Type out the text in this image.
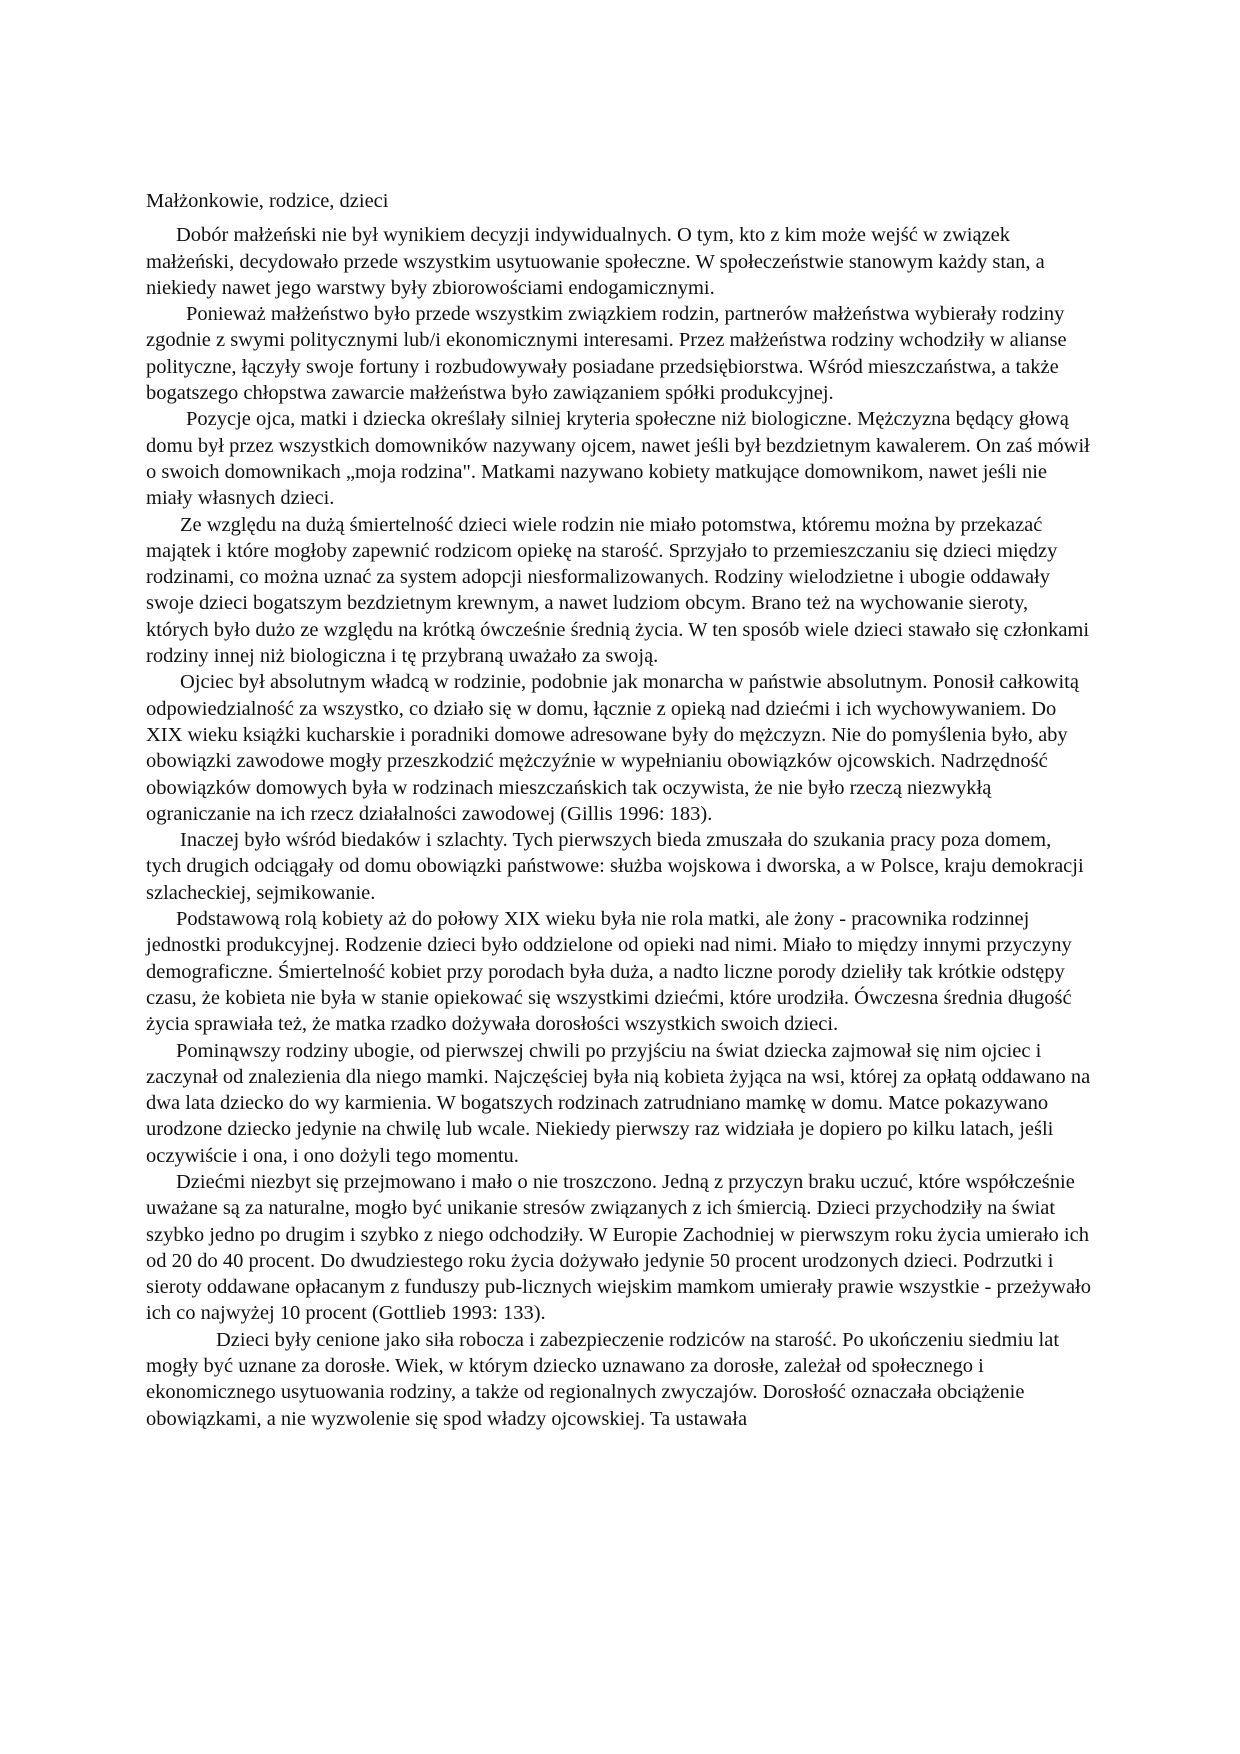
Małżonkowie, rodzice, dzieci

Dobór małżeński nie był wynikiem decyzji indywidualnych. O tym, kto z kim może wejść w związek małżeński, decydowało przede wszystkim usytuowanie społeczne. W społeczeństwie stanowym każdy stan, a niekiedy nawet jego warstwy były zbiorowościami endogamicznymi.

Ponieważ małżeństwo było przede wszystkim związkiem rodzin, partnerów małżeństwa wybierały rodziny zgodnie z swymi politycznymi lub/i ekonomicznymi interesami. Przez małżeństwa rodziny wchodziły w alianse polityczne, łączyły swoje fortuny i rozbudowywały posiadane przedsiębiorstwa. Wśród mieszczaństwa, a także bogatszego chłopstwa zawarcie małżeństwa było zawiązaniem spółki produkcyjnej.

Pozycje ojca, matki i dziecka określały silniej kryteria społeczne niż biologiczne. Mężczyzna będący głową domu był przez wszystkich domowników nazywany ojcem, nawet jeśli był bezdzietnym kawalerem. On zaś mówił o swoich domownikach „moja rodzina". Matkami nazywano kobiety matkujące domownikom, nawet jeśli nie miały własnych dzieci.

Ze względu na dużą śmiertelność dzieci wiele rodzin nie miało potomstwa, któremu można by przekazać majątek i które mogłoby zapewnić rodzicom opiekę na starość. Sprzyjało to przemieszczaniu się dzieci między rodzinami, co można uznać za system adopcji niesformalizowanych. Rodziny wielodzietne i ubogie oddawały swoje dzieci bogatszym bezdzietnym krewnym, a nawet ludziom obcym. Brano też na wychowanie sieroty, których było dużo ze względu na krótką ówcześnie średnią życia. W ten sposób wiele dzieci stawało się członkami rodziny innej niż biologiczna i tę przybraną uważało za swoją.

Ojciec był absolutnym władcą w rodzinie, podobnie jak monarcha w państwie absolutnym. Ponosił całkowitą odpowiedzialność za wszystko, co działo się w domu, łącznie z opieką nad dziećmi i ich wychowywaniem. Do XIX wieku książki kucharskie i poradniki domowe adresowane były do mężczyzn. Nie do pomyślenia było, aby obowiązki zawodowe mogły przeszkodzić mężczyźnie w wypełnianiu obowiązków ojcowskich. Nadrzędność obowiązków domowych była w rodzinach mieszczańskich tak oczywista, że nie było rzeczą niezwykłą ograniczanie na ich rzecz działalności zawodowej (Gillis 1996: 183).

Inaczej było wśród biedaków i szlachty. Tych pierwszych bieda zmuszała do szukania pracy poza domem, tych drugich odciągały od domu obowiązki państwowe: służba wojskowa i dworska, a w Polsce, kraju demokracji szlacheckiej, sejmikowanie.

Podstawową rolą kobiety aż do połowy XIX wieku była nie rola matki, ale żony - pracownika rodzinnej jednostki produkcyjnej. Rodzenie dzieci było oddzielone od opieki nad nimi. Miało to między innymi przyczyny demograficzne. Śmiertelność kobiet przy porodach była duża, a nadto liczne porody dzieliły tak krótkie odstępy czasu, że kobieta nie była w stanie opiekować się wszystkimi dziećmi, które urodziła. Ówczesna średnia długość życia sprawiała też, że matka rzadko dożywała dorosłości wszystkich swoich dzieci.

Pominąwszy rodziny ubogie, od pierwszej chwili po przyjściu na świat dziecka zajmował się nim ojciec i zaczynał od znalezienia dla niego mamki. Najczęściej była nią kobieta żyjąca na wsi, której za opłatą oddawano na dwa lata dziecko do wy karmienia. W bogatszych rodzinach zatrudniano mamkę w domu. Matce pokazywano urodzone dziecko jedynie na chwilę lub wcale. Niekiedy pierwszy raz widziała je dopiero po kilku latach, jeśli oczywiście i ona, i ono dożyli tego momentu.

Dziećmi niezbyt się przejmowano i mało o nie troszczono. Jedną z przyczyn braku uczuć, które współcześnie uważane są za naturalne, mogło być unikanie stresów związanych z ich śmiercią. Dzieci przychodziły na świat szybko jedno po drugim i szybko z niego odchodziły. W Europie Zachodniej w pierwszym roku życia umierało ich od 20 do 40 procent. Do dwudziestego roku życia dożywało jedynie 50 procent urodzonych dzieci. Podrzutki i sieroty oddawane opłacanym z funduszy pub-licznych wiejskim mamkom umierały prawie wszystkie - przeżywało ich co najwyżej 10 procent (Gottlieb 1993: 133).

Dzieci były cenione jako siła robocza i zabezpieczenie rodziców na starość. Po ukończeniu siedmiu lat mogły być uznane za dorosłe. Wiek, w którym dziecko uznawano za dorosłe, zależał od społecznego i ekonomicznego usytuowania rodziny, a także od regionalnych zwyczajów. Dorosłość oznaczała obciążenie obowiązkami, a nie wyzwolenie się spod władzy ojcowskiej. Ta ustawała
